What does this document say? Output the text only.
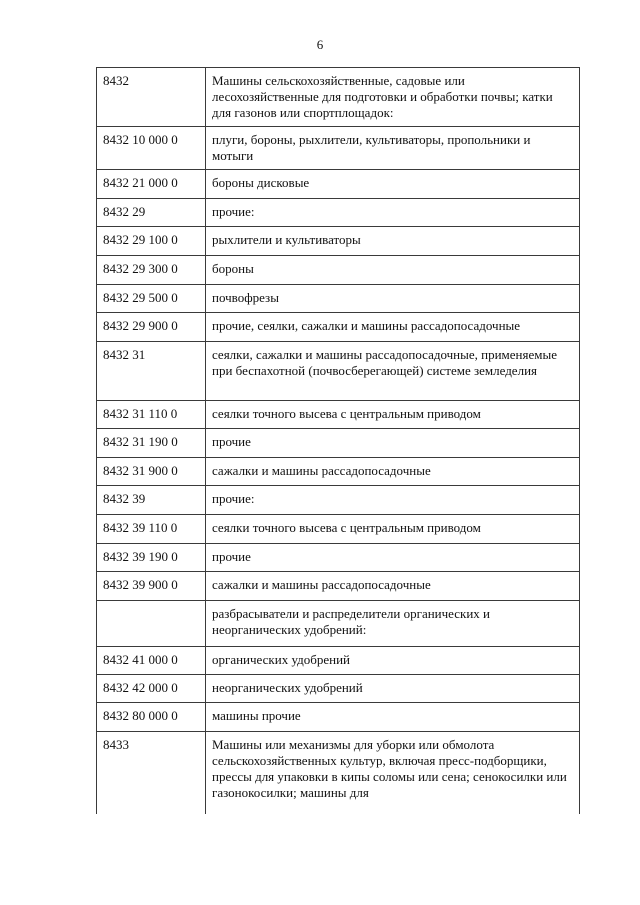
6
8432	Машины сельскохозяйственные, садовые или лесохозяйственные для подготовки и обработки почвы; катки для газонов или спортплощадок:
8432 10 000 0	плуги, бороны, рыхлители, культиваторы, пропольники и мотыги
8432 21 000 0	бороны дисковые
8432 29	прочие:
8432 29 100 0	рыхлители и культиваторы
8432 29 300 0	бороны
8432 29 500 0	почвофрезы
8432 29 900 0	прочие, сеялки, сажалки и машины рассадопосадочные
8432 31	сеялки, сажалки и машины рассадопосадочные, применяемые при беспахотной (почвосберегающей) системе земледелия
8432 31 110 0	сеялки точного высева с центральным приводом
8432 31 190 0	прочие
8432 31 900 0	сажалки и машины рассадопосадочные
8432 39	прочие:
8432 39 110 0	сеялки точного высева с центральным приводом
8432 39 190 0	прочие
8432 39 900 0	сажалки и машины рассадопосадочные
	разбрасыватели и распределители органических и неорганических удобрений:
8432 41 000 0	органических удобрений
8432 42 000 0	неорганических удобрений
8432 80 000 0	машины прочие
8433	Машины или механизмы для уборки или обмолота сельскохозяйственных культур, включая пресс-подборщики, прессы для упаковки в кипы соломы или сена; сенокосилки или газонокосилки; машины для
